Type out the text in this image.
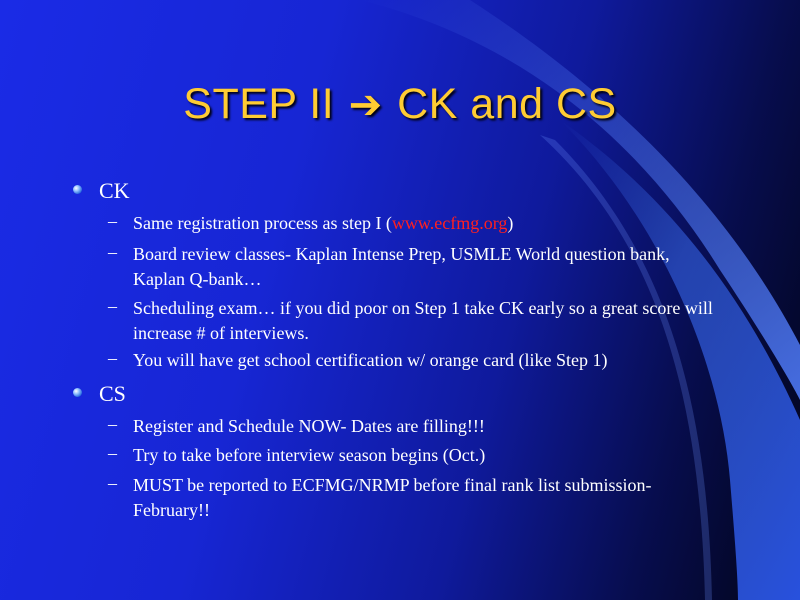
STEP II ➔ CK and CS
CK
– Same registration process as step I (www.ecfmg.org)
– Board review classes- Kaplan Intense Prep, USMLE World question bank, Kaplan Q-bank…
– Scheduling exam… if you did poor on Step 1 take CK early so a great score will increase # of interviews.
– You will have get school certification w/ orange card (like Step 1)
CS
– Register and Schedule NOW- Dates are filling!!!
– Try to take before interview season begins (Oct.)
– MUST be reported to ECFMG/NRMP before final rank list submission- February!!
